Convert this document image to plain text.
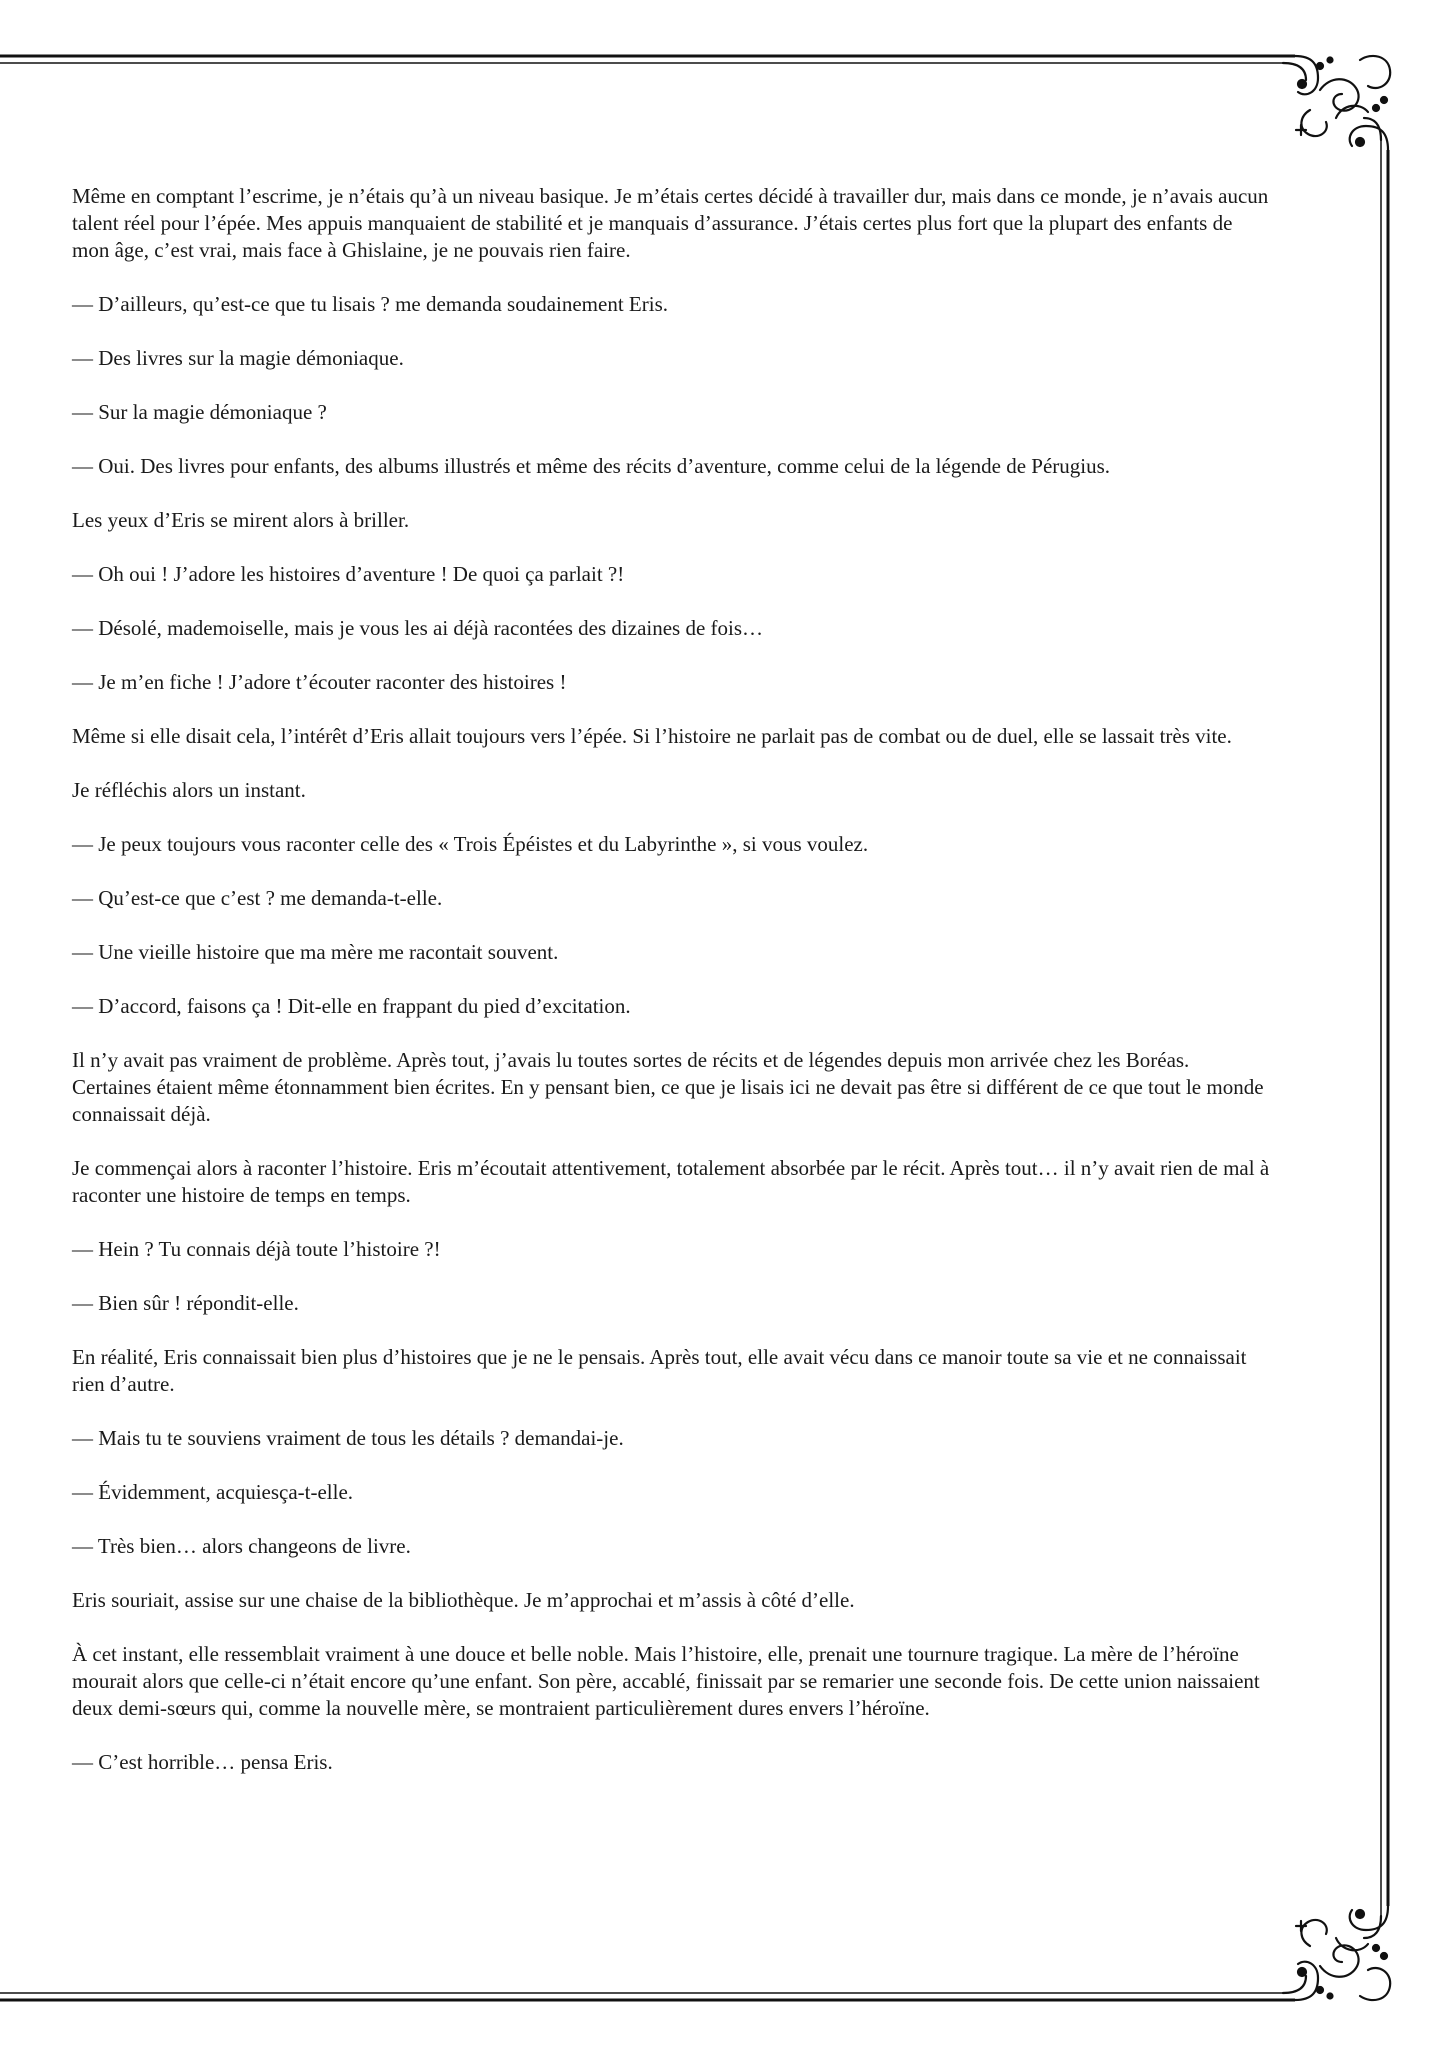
Même en comptant l’escrime, je n’étais qu’à un niveau basique. Je m’étais certes décidé à travailler dur, mais dans ce monde, je n’avais aucun talent réel pour l’épée. Mes appuis manquaient de stabilité et je manquais d’assurance. J’étais certes plus fort que la plupart des enfants de mon âge, c’est vrai, mais face à Ghislaine, je ne pouvais rien faire.

— D’ailleurs, qu’est-ce que tu lisais ? me demanda soudainement Eris.

— Des livres sur la magie démoniaque.

— Sur la magie démoniaque ?

— Oui. Des livres pour enfants, des albums illustrés et même des récits d’aventure, comme celui de la légende de Pérugius.

Les yeux d’Eris se mirent alors à briller.

— Oh oui ! J’adore les histoires d’aventure ! De quoi ça parlait ?!

— Désolé, mademoiselle, mais je vous les ai déjà racontées des dizaines de fois…

— Je m’en fiche ! J’adore t’écouter raconter des histoires !

Même si elle disait cela, l’intérêt d’Eris allait toujours vers l’épée. Si l’histoire ne parlait pas de combat ou de duel, elle se lassait très vite.

Je réfléchis alors un instant.

— Je peux toujours vous raconter celle des « Trois Épéistes et du Labyrinthe », si vous voulez.

— Qu’est-ce que c’est ? me demanda-t-elle.

— Une vieille histoire que ma mère me racontait souvent.

— D’accord, faisons ça ! Dit-elle en frappant du pied d’excitation.

Il n’y avait pas vraiment de problème. Après tout, j’avais lu toutes sortes de récits et de légendes depuis mon arrivée chez les Boréas. Certaines étaient même étonnamment bien écrites. En y pensant bien, ce que je lisais ici ne devait pas être si différent de ce que tout le monde connaissait déjà.

Je commençai alors à raconter l’histoire. Eris m’écoutait attentivement, totalement absorbée par le récit. Après tout… il n’y avait rien de mal à raconter une histoire de temps en temps.

— Hein ? Tu connais déjà toute l’histoire ?!

— Bien sûr ! répondit-elle.

En réalité, Eris connaissait bien plus d’histoires que je ne le pensais. Après tout, elle avait vécu dans ce manoir toute sa vie et ne connaissait rien d’autre.

— Mais tu te souviens vraiment de tous les détails ? demandai-je.

— Évidemment, acquiesça-t-elle.

— Très bien… alors changeons de livre.

Eris souriait, assise sur une chaise de la bibliothèque. Je m’approchai et m’assis à côté d’elle.

À cet instant, elle ressemblait vraiment à une douce et belle noble. Mais l’histoire, elle, prenait une tournure tragique. La mère de l’héroïne mourait alors que celle-ci n’était encore qu’une enfant. Son père, accablé, finissait par se remarier une seconde fois. De cette union naissaient deux demi-sœurs qui, comme la nouvelle mère, se montraient particulièrement dures envers l’héroïne.

— C’est horrible… pensa Eris.
